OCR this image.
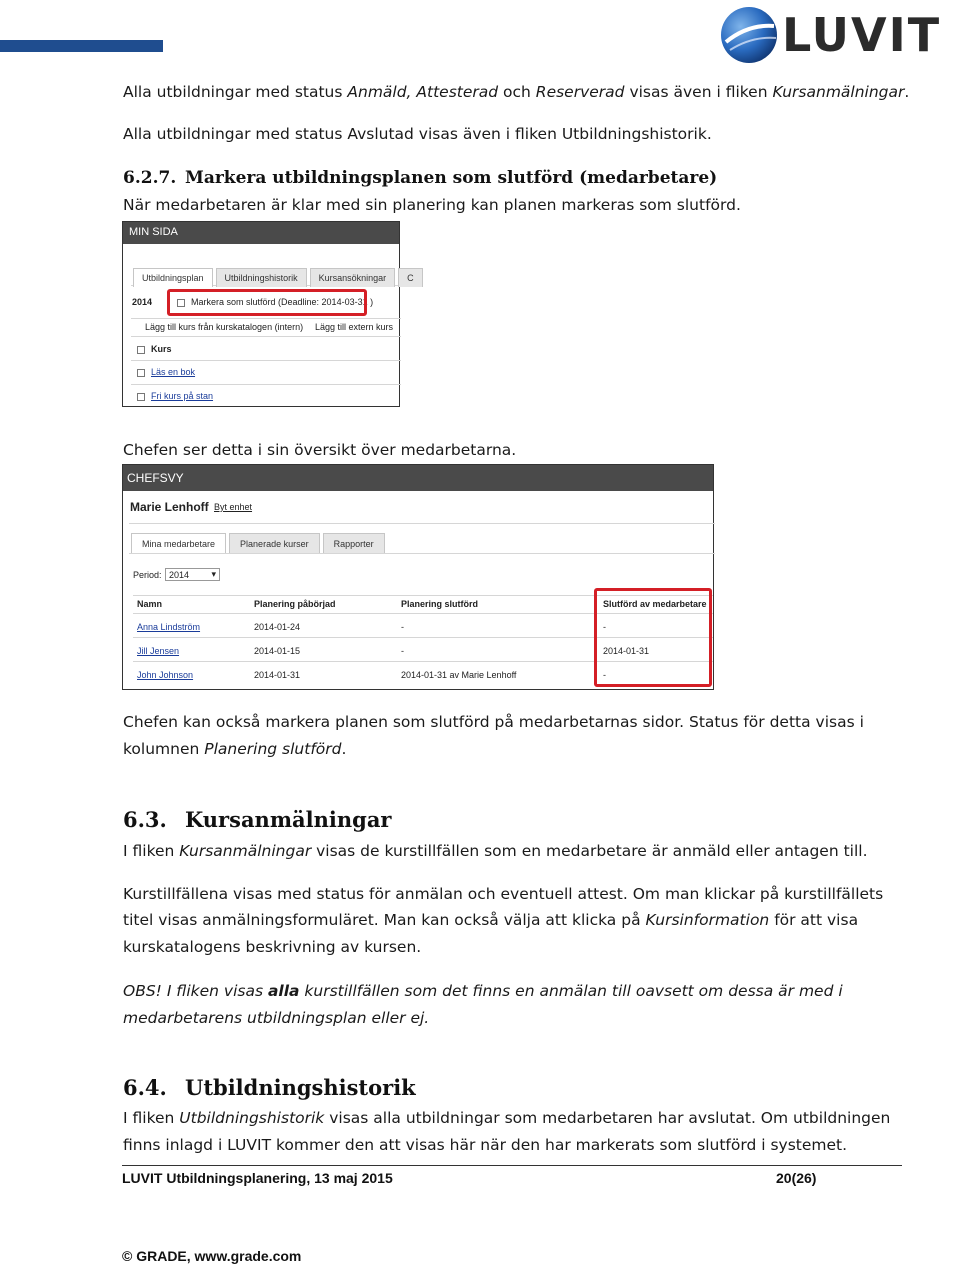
LUVIT
Alla utbildningar med status Anmäld, Attesterad och Reserverad visas även i fliken Kursanmälningar.
Alla utbildningar med status Avslutad visas även i fliken Utbildningshistorik.
6.2.7. Markera utbildningsplanen som slutförd (medarbetare)
När medarbetaren är klar med sin planering kan planen markeras som slutförd.
MIN SIDA
Utbildningsplan	Utbildningshistorik	Kursansökningar	C
2014	Markera som slutförd (Deadline: 2014-03-31 )
Lägg till kurs från kurskatalogen (intern) Lägg till extern kurs
Kurs
Läs en bok
Fri kurs på stan
Chefen ser detta i sin översikt över medarbetarna.
CHEFSVY
Marie Lenhoff Byt enhet
Mina medarbetare	Planerade kurser	Rapporter
Period: 2014 ▾
Namn	Planering påbörjad	Planering slutförd	Slutförd av medarbetare
Anna Lindström	2014-01-24	-	-
Jill Jensen	2014-01-15	-	2014-01-31
John Johnson	2014-01-31	2014-01-31 av Marie Lenhoff	-
Chefen kan också markera planen som slutförd på medarbetarnas sidor. Status för detta visas i
kolumnen Planering slutförd.
6.3. Kursanmälningar
I fliken Kursanmälningar visas de kurstillfällen som en medarbetare är anmäld eller antagen till.
Kurstillfällena visas med status för anmälan och eventuell attest. Om man klickar på kurstillfällets
titel visas anmälningsformuläret. Man kan också välja att klicka på Kursinformation för att visa
kurskatalogens beskrivning av kursen.
OBS! I fliken visas alla kurstillfällen som det finns en anmälan till oavsett om dessa är med i
medarbetarens utbildningsplan eller ej.
6.4. Utbildningshistorik
I fliken Utbildningshistorik visas alla utbildningar som medarbetaren har avslutat. Om utbildningen
finns inlagd i LUVIT kommer den att visas här när den har markerats som slutförd i systemet.
LUVIT Utbildningsplanering, 13 maj 2015	20(26)
© GRADE, www.grade.com
